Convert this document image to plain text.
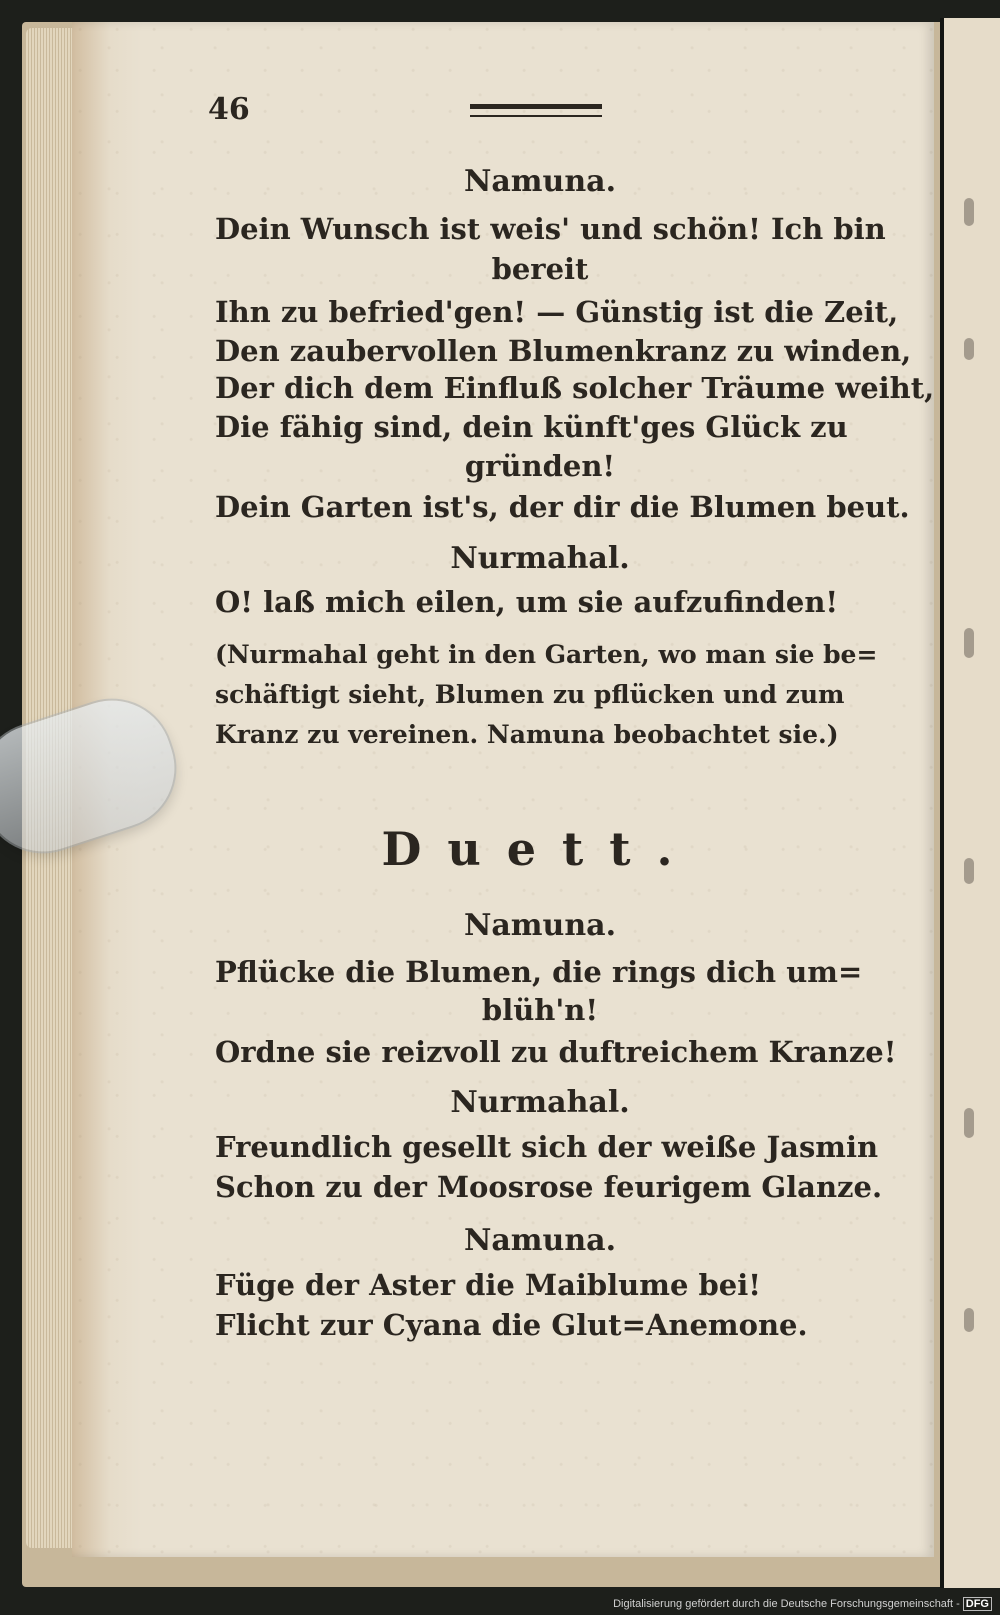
46
Namuna.
Dein Wunsch ist weis' und schön! Ich bin
bereit
Ihn zu befried'gen! — Günstig ist die Zeit,
Den zaubervollen Blumenkranz zu winden,
Der dich dem Einfluß solcher Träume weiht,
Die fähig sind, dein künft'ges Glück zu
gründen!
Dein Garten ist's, der dir die Blumen beut.
Nurmahal.
O! laß mich eilen, um sie aufzufinden!
(Nurmahal geht in den Garten, wo man sie be=
schäftigt sieht, Blumen zu pflücken und zum
Kranz zu vereinen. Namuna beobachtet sie.)
Duett.
Namuna.
Pflücke die Blumen, die rings dich um=
blüh'n!
Ordne sie reizvoll zu duftreichem Kranze!
Nurmahal.
Freundlich gesellt sich der weiße Jasmin
Schon zu der Moosrose feurigem Glanze.
Namuna.
Füge der Aster die Maiblume bei!
Flicht zur Cyana die Glut=Anemone.
Digitalisierung gefördert durch die Deutsche Forschungsgemeinschaft - DFG
